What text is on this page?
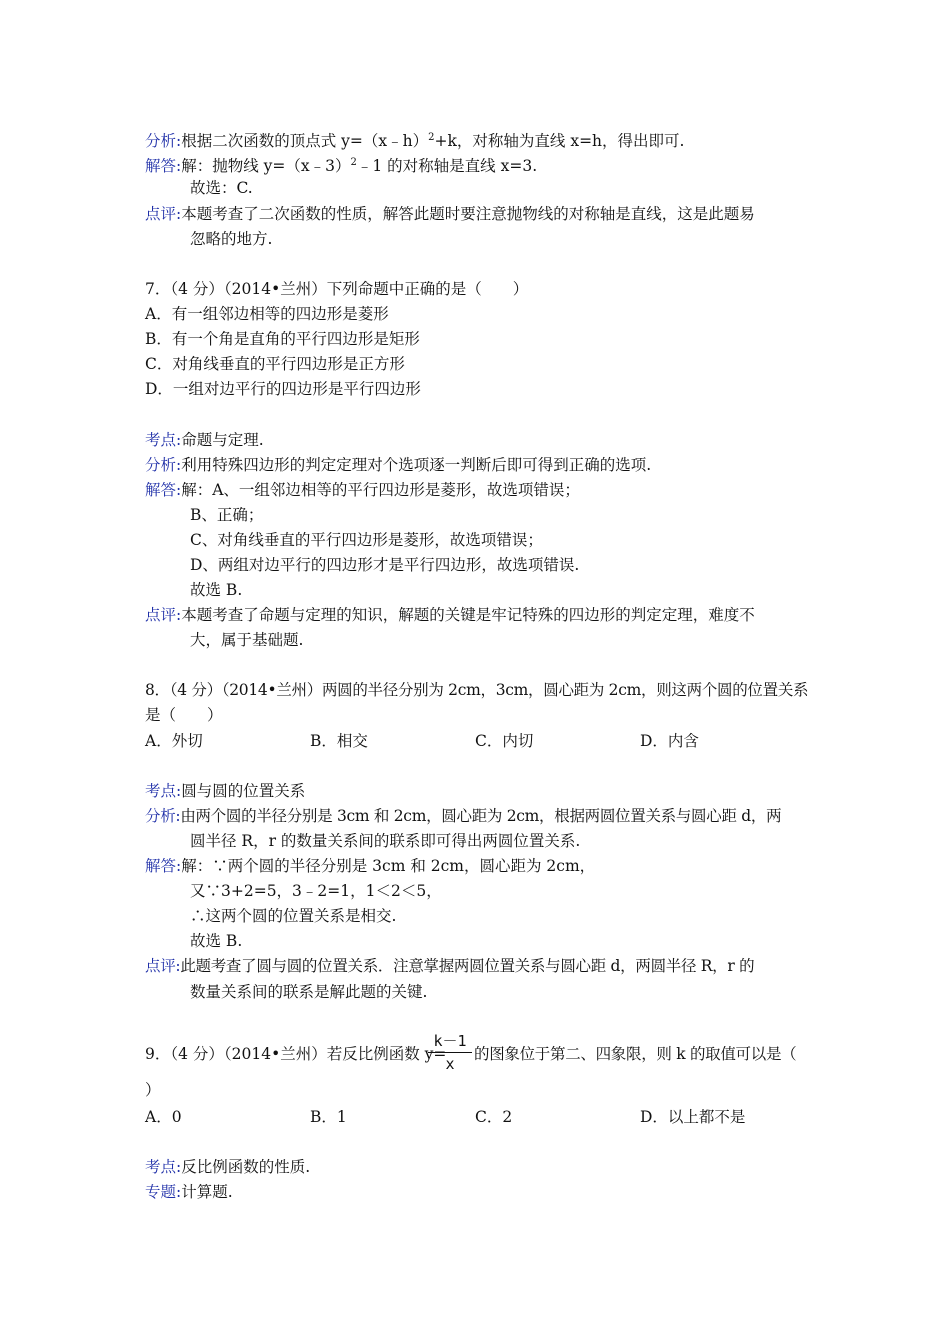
分析:根据二次函数的顶点式 y=（x﹣h）$^2$+k，对称轴为直线 x=h，得出即可.
解答:解：抛物线 y=（x﹣3）$^2$﹣1 的对称轴是直线 x=3.
故选：C.
点评:本题考查了二次函数的性质，解答此题时要注意抛物线的对称轴是直线，这是此题易
忽略的地方.
7．（4 分）（2014•兰州）下列命题中正确的是（　　）
A．有一组邻边相等的四边形是菱形
B．有一个角是直角的平行四边形是矩形
C．对角线垂直的平行四边形是正方形
D．一组对边平行的四边形是平行四边形
考点:命题与定理.
分析:利用特殊四边形的判定定理对个选项逐一判断后即可得到正确的选项.
解答:解：A、一组邻边相等的平行四边形是菱形，故选项错误；
B、正确；
C、对角线垂直的平行四边形是菱形，故选项错误；
D、两组对边平行的四边形才是平行四边形，故选项错误.
故选 B.
点评:本题考查了命题与定理的知识，解题的关键是牢记特殊的四边形的判定定理，难度不
大，属于基础题.
8．（4 分）（2014•兰州）两圆的半径分别为 2cm，3cm，圆心距为 2cm，则这两个圆的位置关系
是（　　）
A．外切	B．相交	C．内切	D．内含
考点:圆与圆的位置关系
分析:由两个圆的半径分别是 3cm 和 2cm，圆心距为 2cm，根据两圆位置关系与圆心距 d，两
圆半径 R，r 的数量关系间的联系即可得出两圆位置关系.
解答:解：∵两个圆的半径分别是 3cm 和 2cm，圆心距为 2cm，
又∵3+2=5，3﹣2=1，1＜2＜5，
∴这两个圆的位置关系是相交.
故选 B.
点评:此题考查了圆与圆的位置关系．注意掌握两圆位置关系与圆心距 d，两圆半径 R，r 的
数量关系间的联系是解此题的关键.
9．（4 分）（2014•兰州）若反比例函数 y=
k－1
x
的图象位于第二、四象限，则 k 的取值可以是（
）
A．0	B．1	C．2	D．以上都不是
考点:反比例函数的性质.
专题:计算题.
